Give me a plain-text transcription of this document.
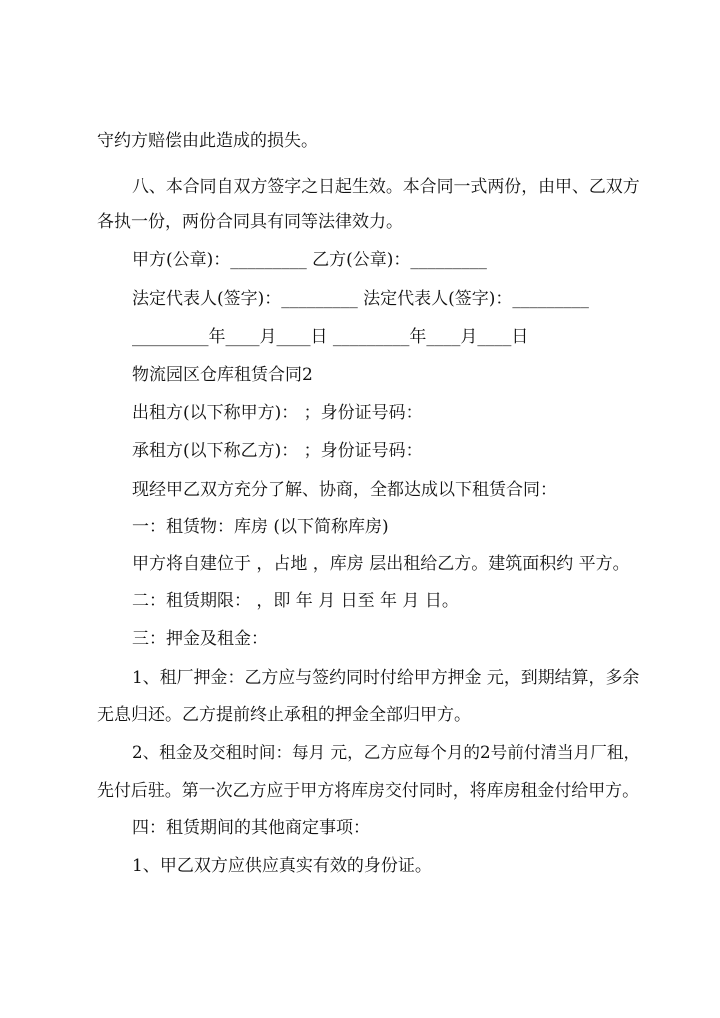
守约方赔偿由此造成的损失。
八、本合同自双方签字之日起生效。本合同一式两份，由甲、乙双方
各执一份，两份合同具有同等法律效力。
甲方(公章)：_________ 乙方(公章)：_________
法定代表人(签字)：_________ 法定代表人(签字)：_________
_________年____月____日 _________年____月____日
物流园区仓库租赁合同2
出租方(以下称甲方)： ；身份证号码：
承租方(以下称乙方)： ；身份证号码：
现经甲乙双方充分了解、协商，全都达成以下租赁合同：
一：租赁物：库房 (以下简称库房)
甲方将自建位于 ，占地 ，库房 层出租给乙方。建筑面积约 平方。
二：租赁期限： ，即 年 月 日至 年 月 日。
三：押金及租金：
1、租厂押金：乙方应与签约同时付给甲方押金 元，到期结算，多余
无息归还。乙方提前终止承租的押金全部归甲方。
2、租金及交租时间：每月 元，乙方应每个月的2号前付清当月厂租，
先付后驻。第一次乙方应于甲方将库房交付同时，将库房租金付给甲方。
四：租赁期间的其他商定事项：
1、甲乙双方应供应真实有效的身份证。
